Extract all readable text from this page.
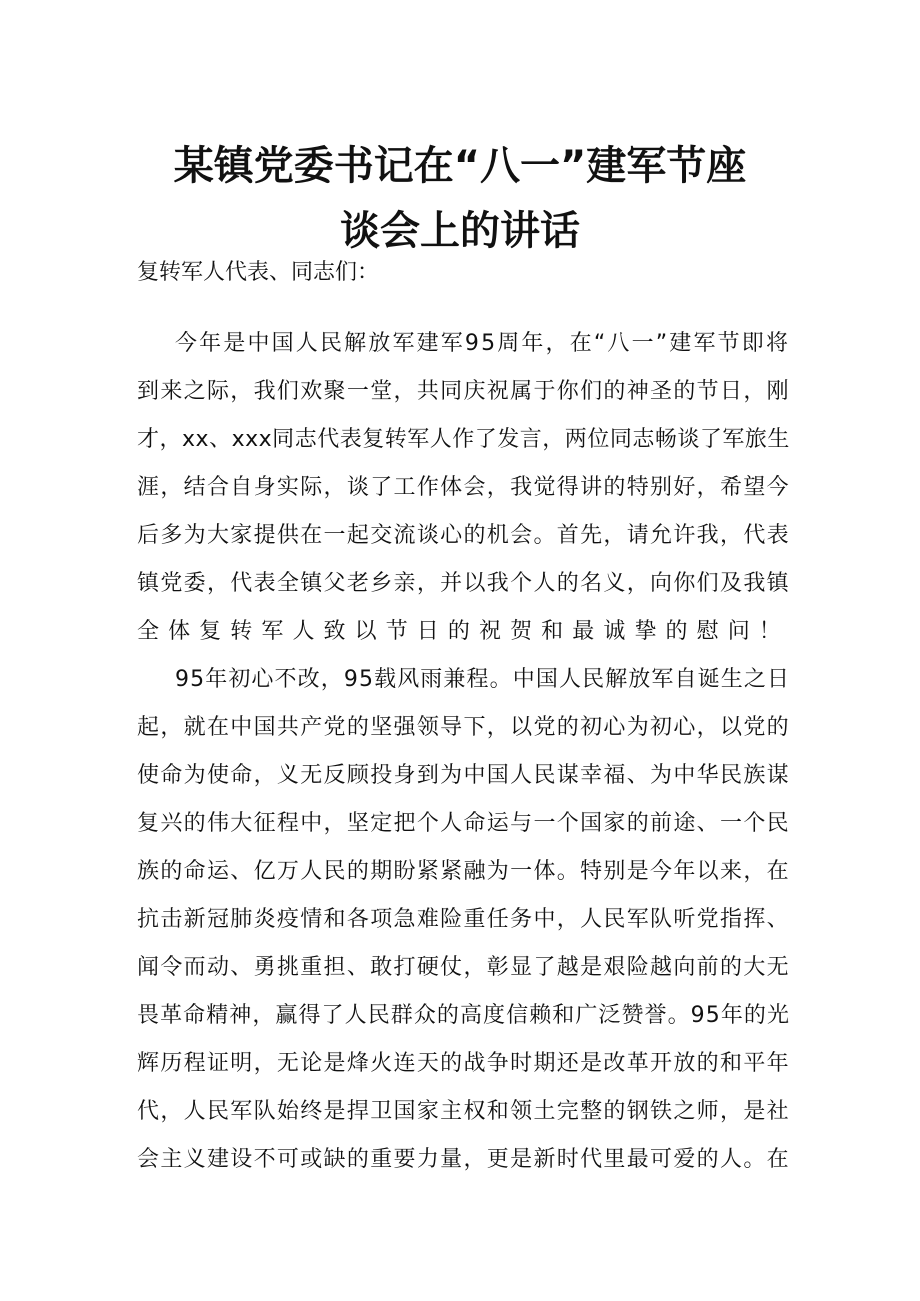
某镇党委书记在“八一”建军节座
谈会上的讲话
复转军人代表、同志们：
今年是中国人民解放军建军95周年，在“八一”建军节即将
到来之际，我们欢聚一堂，共同庆祝属于你们的神圣的节日，刚
才，xx、xxx同志代表复转军人作了发言，两位同志畅谈了军旅生
涯，结合自身实际，谈了工作体会，我觉得讲的特别好，希望今
后多为大家提供在一起交流谈心的机会。首先，请允许我，代表
镇党委，代表全镇父老乡亲，并以我个人的名义，向你们及我镇
全体复转军人致以节日的祝贺和最诚挚的慰问！
95年初心不改，95载风雨兼程。中国人民解放军自诞生之日
起，就在中国共产党的坚强领导下，以党的初心为初心，以党的
使命为使命，义无反顾投身到为中国人民谋幸福、为中华民族谋
复兴的伟大征程中，坚定把个人命运与一个国家的前途、一个民
族的命运、亿万人民的期盼紧紧融为一体。特别是今年以来，在
抗击新冠肺炎疫情和各项急难险重任务中，人民军队听党指挥、
闻令而动、勇挑重担、敢打硬仗，彰显了越是艰险越向前的大无
畏革命精神，赢得了人民群众的高度信赖和广泛赞誉。95年的光
辉历程证明，无论是烽火连天的战争时期还是改革开放的和平年
代，人民军队始终是捍卫国家主权和领土完整的钢铁之师，是社
会主义建设不可或缺的重要力量，更是新时代里最可爱的人。在
